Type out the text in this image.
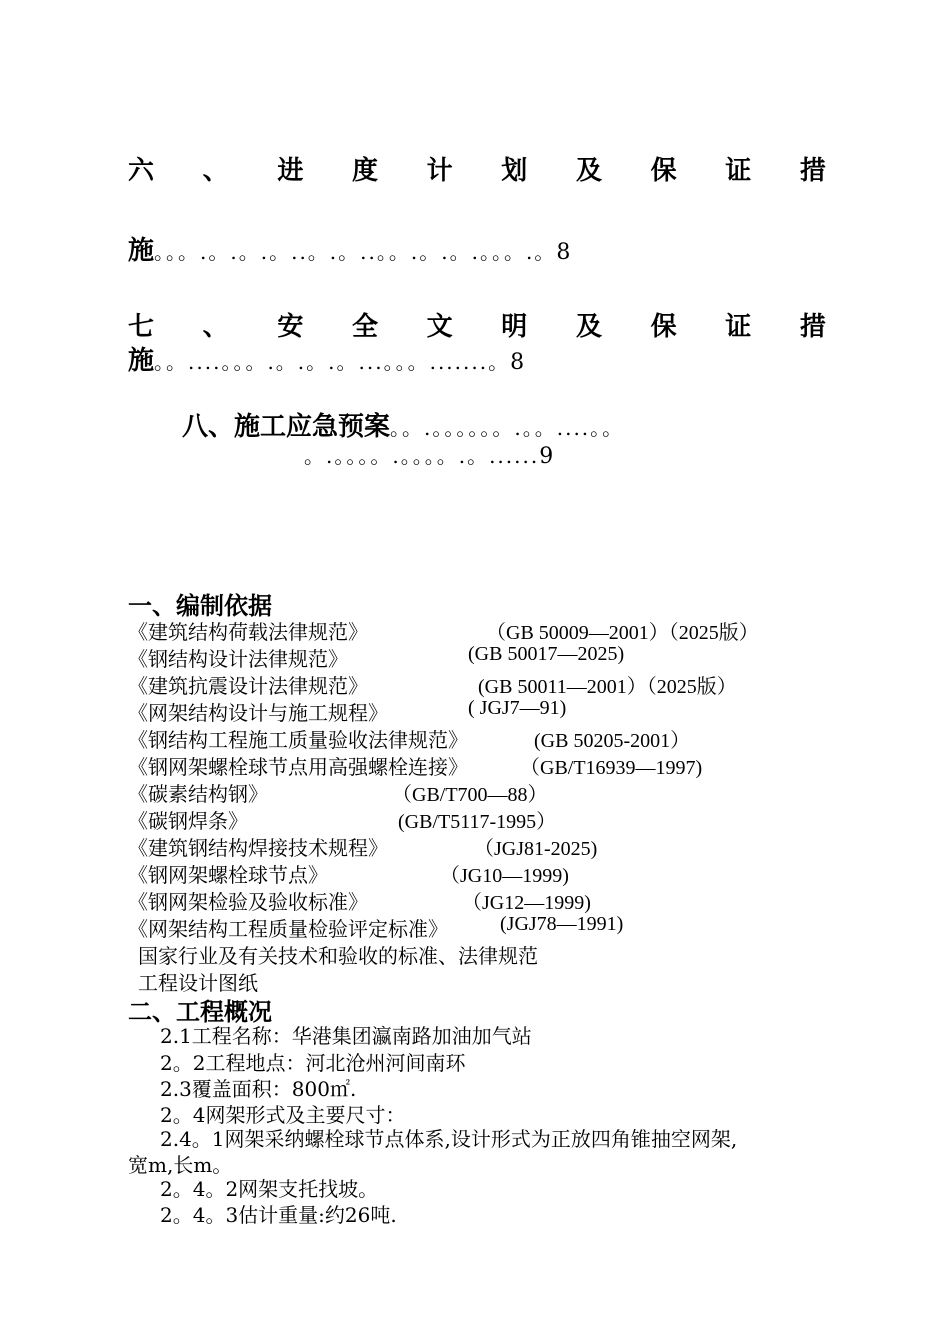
六 、 进 度 计 划 及 保 证 措
施。。。.。.。.。..。.。..。。.。.。.。。。.。8
七 、 安 全 文 明 及 保 证 措
施。。....。。。.。.。.。...。。。.......。8
八、施工应急预案。。.。。。。。。.。。....。。
。.。。。。.。。。。.。......9
一、编制依据
《建筑结构荷载法律规范》	（GB 50009—2001）（2025版）
《钢结构设计法律规范》	(GB 50017—2025)
《建筑抗震设计法律规范》	(GB 50011—2001）（2025版）
《网架结构设计与施工规程》	( JGJ7—91)
《钢结构工程施工质量验收法律规范》	(GB 50205-2001）
《钢网架螺栓球节点用高强螺栓连接》	（GB/T16939—1997)
《碳素结构钢》	（GB/T700—88）
《碳钢焊条》	(GB/T5117-1995）
《建筑钢结构焊接技术规程》	（JGJ81-2025)
《钢网架螺栓球节点》	（JG10—1999)
《钢网架检验及验收标准》	（JG12—1999)
《网架结构工程质量检验评定标准》	(JGJ78—1991)
国家行业及有关技术和验收的标准、法律规范
工程设计图纸
二、工程概况
2.1工程名称：华港集团瀛南路加油加气站
2。2工程地点：河北沧州河间南环
2.3覆盖面积：800㎡.
2。4网架形式及主要尺寸：
2.4。1网架采纳螺栓球节点体系,设计形式为正放四角锥抽空网架,
宽m,长m。
2。4。2网架支托找坡。
2。4。3估计重量:约26吨.
